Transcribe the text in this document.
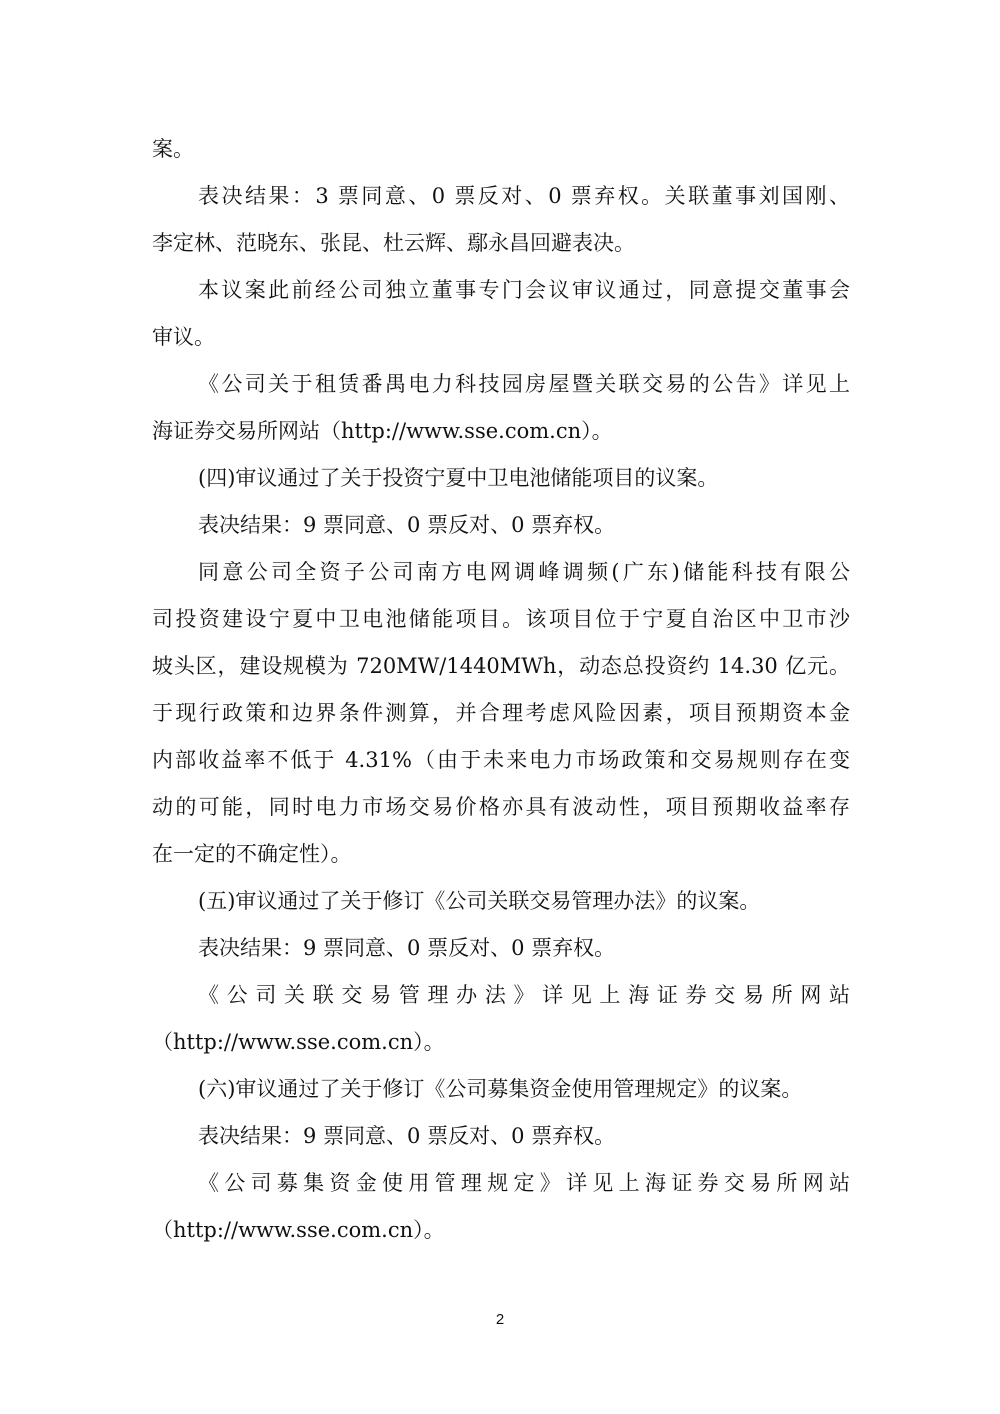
案。
表决结果：3 票同意、0 票反对、0 票弃权。关联董事刘国刚、
李定林、范晓东、张昆、杜云辉、鄢永昌回避表决。
本议案此前经公司独立董事专门会议审议通过，同意提交董事会
审议。
《公司关于租赁番禺电力科技园房屋暨关联交易的公告》详见上
海证券交易所网站（http://www.sse.com.cn）。
(四)审议通过了关于投资宁夏中卫电池储能项目的议案。
表决结果：9 票同意、0 票反对、0 票弃权。
同意公司全资子公司南方电网调峰调频(广东)储能科技有限公
司投资建设宁夏中卫电池储能项目。该项目位于宁夏自治区中卫市沙
坡头区，建设规模为 720MW/1440MWh，动态总投资约 14.30 亿元。
于现行政策和边界条件测算，并合理考虑风险因素，项目预期资本金
内部收益率不低于 4.31%（由于未来电力市场政策和交易规则存在变
动的可能，同时电力市场交易价格亦具有波动性，项目预期收益率存
在一定的不确定性）。
(五)审议通过了关于修订《公司关联交易管理办法》的议案。
表决结果：9 票同意、0 票反对、0 票弃权。
《公司关联交易管理办法》详见上海证券交易所网站
（http://www.sse.com.cn）。
(六)审议通过了关于修订《公司募集资金使用管理规定》的议案。
表决结果：9 票同意、0 票反对、0 票弃权。
《公司募集资金使用管理规定》详见上海证券交易所网站
（http://www.sse.com.cn）。
2
